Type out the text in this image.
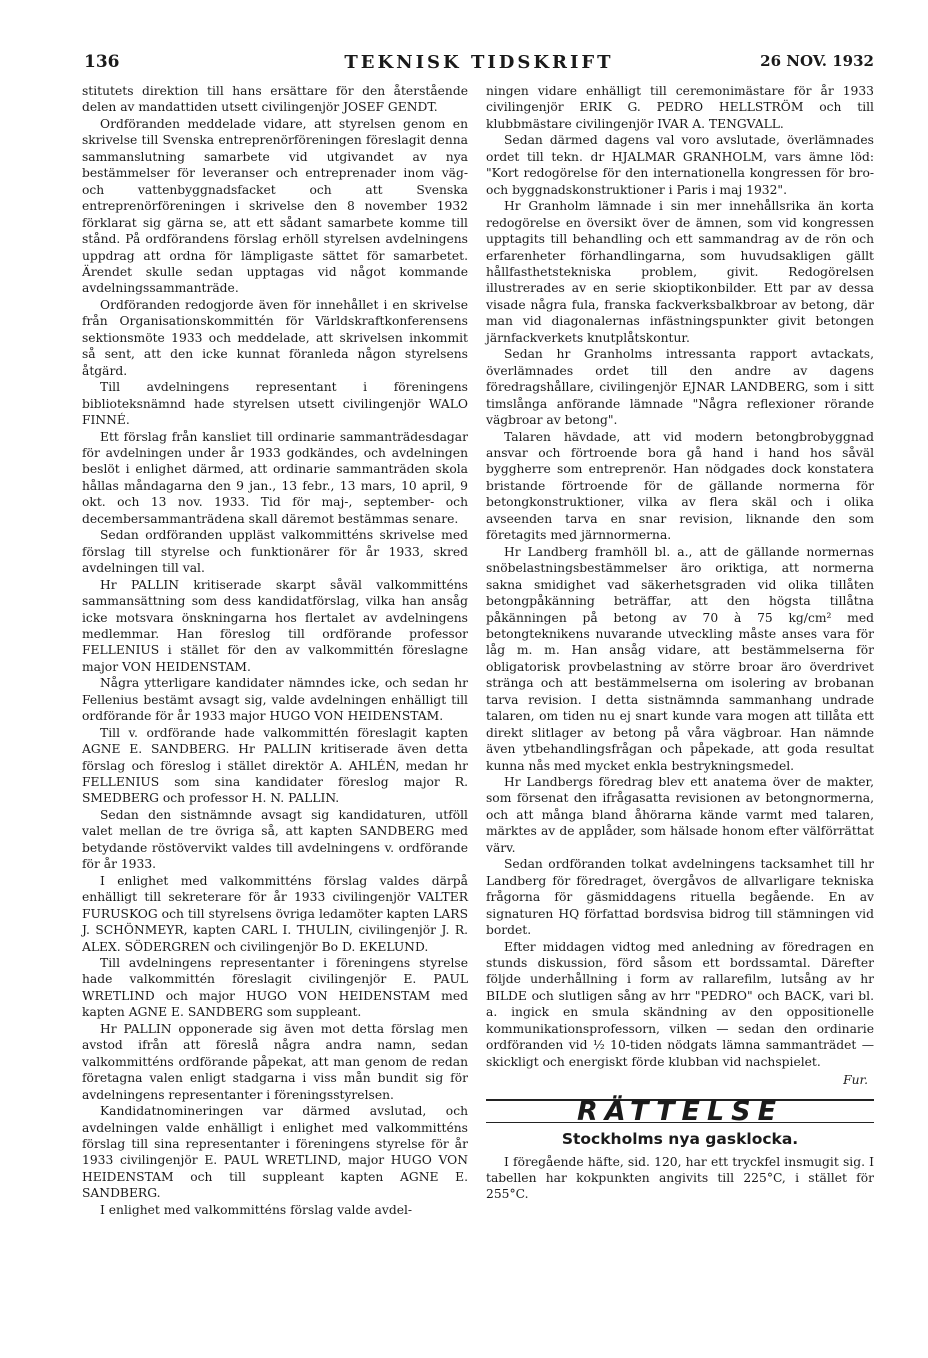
136	TEKNISK TIDSKRIFT	26 NOV. 1932

stitutets direktion till hans ersättare för den återstående delen av mandattiden utsett civilingenjör JOSEF GENDT.

Ordföranden meddelade vidare, att styrelsen genom en skrivelse till Svenska entreprenörföreningen föreslagit denna sammanslutning samarbete vid utgivandet av nya bestämmelser för leveranser och entreprenader inom väg- och vattenbyggnadsfacket och att Svenska entreprenörföreningen i skrivelse den 8 november 1932 förklarat sig gärna se, att ett sådant samarbete komme till stånd. På ordförandens förslag erhöll styrelsen avdelningens uppdrag att ordna för lämpligaste sättet för samarbetet. Ärendet skulle sedan upptagas vid något kommande avdelningssammanträde.

Ordföranden redogjorde även för innehållet i en skrivelse från Organisationskommittén för Världskraftkonferensens sektionsmöte 1933 och meddelade, att skrivelsen inkommit så sent, att den icke kunnat föranleda någon styrelsens åtgärd.

Till avdelningens representant i föreningens biblioteksnämnd hade styrelsen utsett civilingenjör WALO FINNÉ.

Ett förslag från kansliet till ordinarie sammanträdesdagar för avdelningen under år 1933 godkändes, och avdelningen beslöt i enlighet därmed, att ordinarie sammanträden skola hållas måndagarna den 9 jan., 13 febr., 13 mars, 10 april, 9 okt. och 13 nov. 1933. Tid för maj-, september- och decembersammanträdena skall däremot bestämmas senare.

Sedan ordföranden uppläst valkommitténs skrivelse med förslag till styrelse och funktionärer för år 1933, skred avdelningen till val.

Hr PALLIN kritiserade skarpt såväl valkommitténs sammansättning som dess kandidatförslag, vilka han ansåg icke motsvara önskningarna hos flertalet av avdelningens medlemmar. Han föreslog till ordförande professor FELLENIUS i stället för den av valkommittén föreslagne major VON HEIDENSTAM.

Några ytterligare kandidater nämndes icke, och sedan hr Fellenius bestämt avsagt sig, valde avdelningen enhälligt till ordförande för år 1933 major HUGO VON HEIDENSTAM.

Till v. ordförande hade valkommittén föreslagit kapten AGNE E. SANDBERG. Hr PALLIN kritiserade även detta förslag och föreslog i stället direktör A. AHLÉN, medan hr FELLENIUS som sina kandidater föreslog major R. SMEDBERG och professor H. N. PALLIN.

Sedan den sistnämnde avsagt sig kandidaturen, utföll valet mellan de tre övriga så, att kapten SANDBERG med betydande röstövervikt valdes till avdelningens v. ordförande för år 1933.

I enlighet med valkommitténs förslag valdes därpå enhälligt till sekreterare för år 1933 civilingenjör VALTER FURUSKOG och till styrelsens övriga ledamöter kapten LARS J. SCHÖNMEYR, kapten CARL I. THULIN, civilingenjör J. R. ALEX. SÖDERGREN och civilingenjör Bo D. EKELUND.

Till avdelningens representanter i föreningens styrelse hade valkommittén föreslagit civilingenjör E. PAUL WRETLIND och major HUGO VON HEIDENSTAM med kapten AGNE E. SANDBERG som suppleant.

Hr PALLIN opponerade sig även mot detta förslag men avstod ifrån att föreslå några andra namn, sedan valkommitténs ordförande påpekat, att man genom de redan företagna valen enligt stadgarna i viss mån bundit sig för avdelningens representanter i föreningsstyrelsen.

Kandidatnomineringen var därmed avslutad, och avdelningen valde enhälligt i enlighet med valkommitténs förslag till sina representanter i föreningens styrelse för år 1933 civilingenjör E. PAUL WRETLIND, major HUGO VON HEIDENSTAM och till suppleant kapten AGNE E. SANDBERG.

I enlighet med valkommitténs förslag valde avdel-

ningen vidare enhälligt till ceremonimästare för år 1933 civilingenjör ERIK G. PEDRO HELLSTRÖM och till klubbmästare civilingenjör IVAR A. TENGVALL.

Sedan därmed dagens val voro avslutade, överlämnades ordet till tekn. dr HJALMAR GRANHOLM, vars ämne löd: "Kort redogörelse för den internationella kongressen för bro- och byggnadskonstruktioner i Paris i maj 1932".

Hr Granholm lämnade i sin mer innehållsrika än korta redogörelse en översikt över de ämnen, som vid kongressen upptagits till behandling och ett sammandrag av de rön och erfarenheter förhandlingarna, som huvudsakligen gällt hållfasthetstekniska problem, givit. Redogörelsen illustrerades av en serie skioptikonbilder. Ett par av dessa visade några fula, franska fackverksbalkbroar av betong, där man vid diagonalernas infästningspunkter givit betongen järnfackverkets knutplåtskontur.

Sedan hr Granholms intressanta rapport avtackats, överlämnades ordet till den andre av dagens föredragshållare, civilingenjör EJNAR LANDBERG, som i sitt timslånga anförande lämnade "Några reflexioner rörande vägbroar av betong".

Talaren hävdade, att vid modern betongbrobyggnad ansvar och förtroende bora gå hand i hand hos såväl byggherre som entreprenör. Han nödgades dock konstatera bristande förtroende för de gällande normerna för betongkonstruktioner, vilka av flera skäl och i olika avseenden tarva en snar revision, liknande den som företagits med järnnormerna.

Hr Landberg framhöll bl. a., att de gällande normernas snöbelastningsbestämmelser äro oriktiga, att normerna sakna smidighet vad säkerhetsgraden vid olika tillåten betongpåkänning beträffar, att den högsta tillåtna påkänningen på betong av 70 à 75 kg/cm² med betongteknikens nuvarande utveckling måste anses vara för låg m. m. Han ansåg vidare, att bestämmelserna för obligatorisk provbelastning av större broar äro överdrivet stränga och att bestämmelserna om isolering av brobanan tarva revision. I detta sistnämnda sammanhang undrade talaren, om tiden nu ej snart kunde vara mogen att tillåta ett direkt slitlager av betong på våra vägbroar. Han nämnde även ytbehandlingsfrågan och påpekade, att goda resultat kunna nås med mycket enkla bestrykningsmedel.

Hr Landbergs föredrag blev ett anatema över de makter, som försenat den ifrågasatta revisionen av betongnormerna, och att många bland åhörarna kände varmt med talaren, märktes av de applåder, som hälsade honom efter välförrättat värv.

Sedan ordföranden tolkat avdelningens tacksamhet till hr Landberg för föredraget, övergåvos de allvarligare tekniska frågorna för gäsmiddagens rituella begående. En av signaturen HQ författad bordsvisa bidrog till stämningen vid bordet.

Efter middagen vidtog med anledning av föredragen en stunds diskussion, förd såsom ett bordssamtal. Därefter följde underhållning i form av rallarefilm, lutsång av hr BILDE och slutligen sång av hrr "PEDRO" och BACK, vari bl. a. ingick en smula skändning av den oppositionelle kommunikationsprofessorn, vilken — sedan den ordinarie ordföranden vid ½ 10-tiden nödgats lämna sammanträdet — skickligt och energiskt förde klubban vid nachspielet.

Fur.
RÄTTELSE
Stockholms nya gasklocka.

I föregående häfte, sid. 120, har ett tryckfel insmugit sig. I tabellen har kokpunkten angivits till 225°C, i stället för 255°C.
